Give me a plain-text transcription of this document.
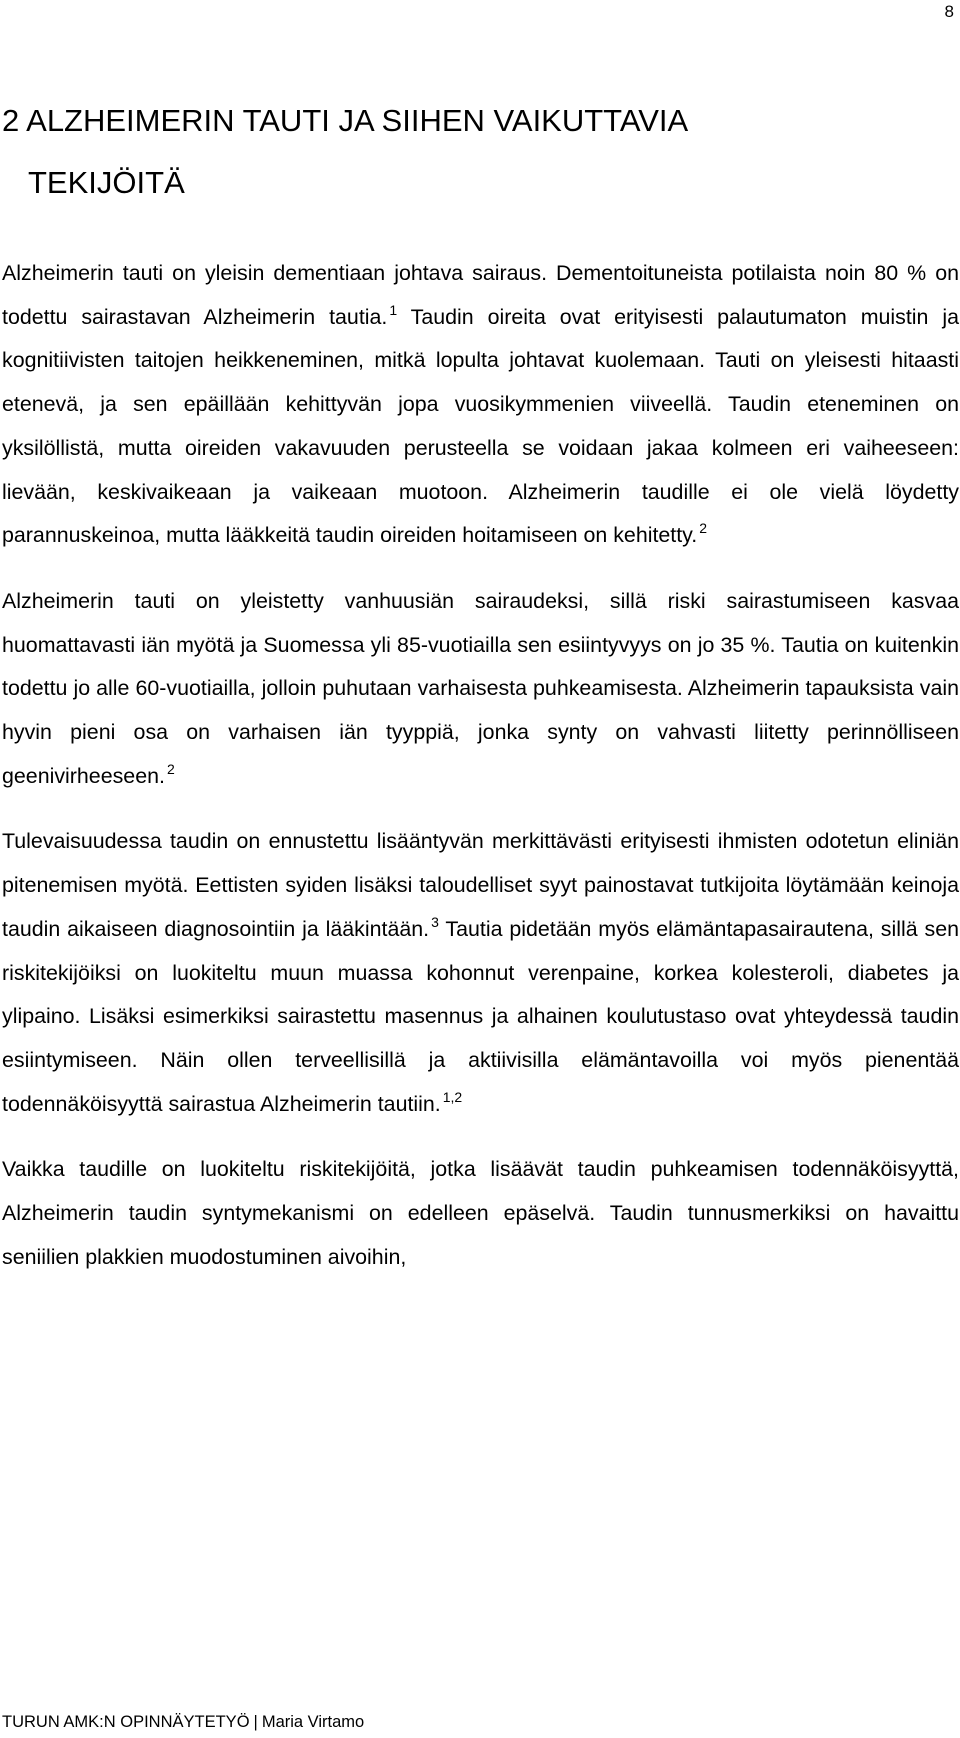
8
2 ALZHEIMERIN TAUTI JA SIIHEN VAIKUTTAVIA
TEKIJÖITÄ

Alzheimerin tauti on yleisin dementiaan johtava sairaus. Dementoituneista potilaista noin 80 % on todettu sairastavan Alzheimerin tautia. $^1$ Taudin oireita ovat erityisesti palautumaton muistin ja kognitiivisten taitojen heikkeneminen, mitkä lopulta johtavat kuolemaan. Tauti on yleisesti hitaasti etenevä, ja sen epäillään kehittyvän jopa vuosikymmenien viiveellä. Taudin eteneminen on yksilöllistä, mutta oireiden vakavuuden perusteella se voidaan jakaa kolmeen eri vaiheeseen: lievään, keskivaikeaan ja vaikeaan muotoon. Alzheimerin taudille ei ole vielä löydetty parannuskeinoa, mutta lääkkeitä taudin oireiden hoitamiseen on kehitetty. $^2$

Alzheimerin tauti on yleistetty vanhuusiän sairaudeksi, sillä riski sairastumiseen kasvaa huomattavasti iän myötä ja Suomessa yli 85-vuotiailla sen esiintyvyys on jo 35 %. Tautia on kuitenkin todettu jo alle 60-vuotiailla, jolloin puhutaan varhaisesta puhkeamisesta. Alzheimerin tapauksista vain hyvin pieni osa on varhaisen iän tyyppiä, jonka synty on vahvasti liitetty perinnölliseen geenivirheeseen. $^2$

Tulevaisuudessa taudin on ennustettu lisääntyvän merkittävästi erityisesti ihmisten odotetun eliniän pitenemisen myötä. Eettisten syiden lisäksi taloudelliset syyt painostavat tutkijoita löytämään keinoja taudin aikaiseen diagnosointiin ja lääkintään. $^3$ Tautia pidetään myös elämäntapasairautena, sillä sen riskitekijöiksi on luokiteltu muun muassa kohonnut verenpaine, korkea kolesteroli, diabetes ja ylipaino. Lisäksi esimerkiksi sairastettu masennus ja alhainen koulutustaso ovat yhteydessä taudin esiintymiseen. Näin ollen terveellisillä ja aktiivisilla elämäntavoilla voi myös pienentää todennäköisyyttä sairastua Alzheimerin tautiin. $^{1,2}$

Vaikka taudille on luokiteltu riskitekijöitä, jotka lisäävät taudin puhkeamisen todennäköisyyttä, Alzheimerin taudin syntymekanismi on edelleen epäselvä. Taudin tunnusmerkiksi on havaittu seniilien plakkien muodostuminen aivoihin,

TURUN AMK:N OPINNÄYTETYÖ | Maria Virtamo
